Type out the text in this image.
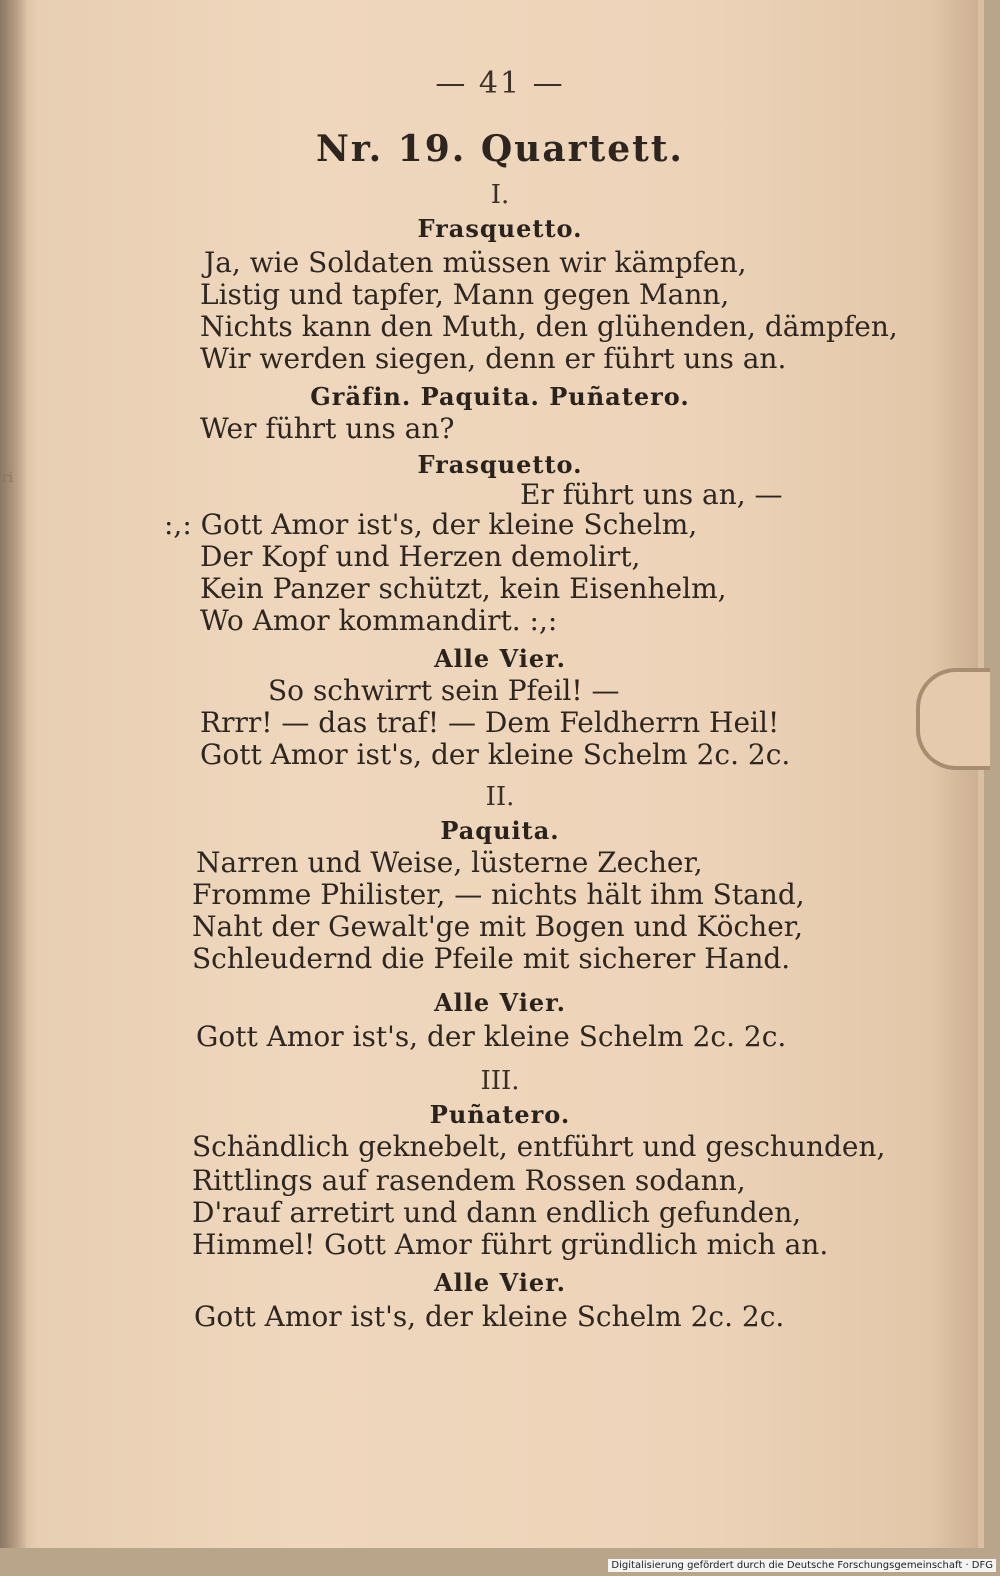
ri
— 41 —
Nr. 19. Quartett.
I.
Frasquetto.
Ja, wie Soldaten müssen wir kämpfen,
Listig und tapfer, Mann gegen Mann,
Nichts kann den Muth, den glühenden, dämpfen,
Wir werden siegen, denn er führt uns an.
Gräfin. Paquita. Puñatero.
Wer führt uns an?
Frasquetto.
Er führt uns an, —
:,: Gott Amor ist's, der kleine Schelm,
Der Kopf und Herzen demolirt,
Kein Panzer schützt, kein Eisenhelm,
Wo Amor kommandirt. :,:
Alle Vier.
So schwirrt sein Pfeil! —
Rrrr! — das traf! — Dem Feldherrn Heil!
Gott Amor ist's, der kleine Schelm 2c. 2c.
II.
Paquita.
Narren und Weise, lüsterne Zecher,
Fromme Philister, — nichts hält ihm Stand,
Naht der Gewalt'ge mit Bogen und Köcher,
Schleudernd die Pfeile mit sicherer Hand.
Alle Vier.
Gott Amor ist's, der kleine Schelm 2c. 2c.
III.
Puñatero.
Schändlich geknebelt, entführt und geschunden,
Rittlings auf rasendem Rossen sodann,
D'rauf arretirt und dann endlich gefunden,
Himmel! Gott Amor führt gründlich mich an.
Alle Vier.
Gott Amor ist's, der kleine Schelm 2c. 2c.
Digitalisierung gefördert durch die Deutsche Forschungsgemeinschaft · DFG
